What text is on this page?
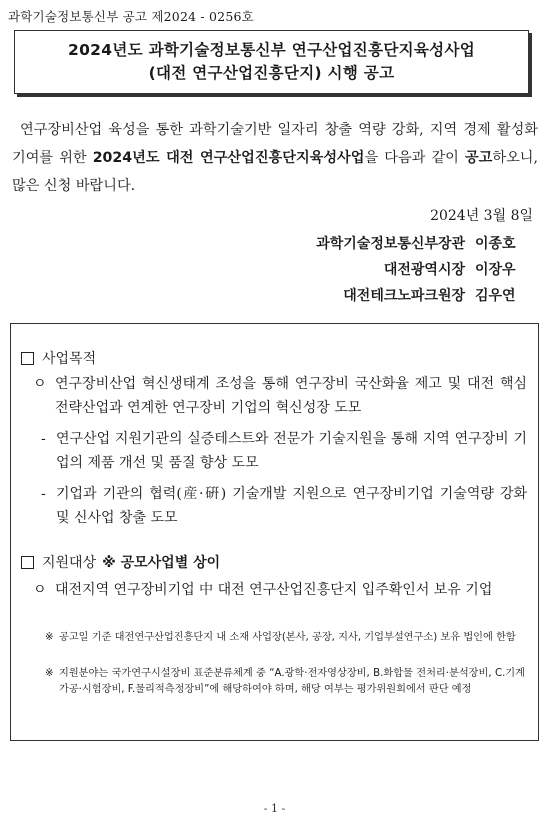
과학기술정보통신부 공고 제2024 - 0256호
2024년도 과학기술정보통신부 연구산업진흥단지육성사업
(대전 연구산업진흥단지) 시행 공고

연구장비산업 육성을 통한 과학기술기반 일자리 창출 역량 강화, 지역 경제 활성화 기여를 위한 2024년도 대전 연구산업진흥단지육성사업을 다음과 같이 공고하오니, 많은 신청 바랍니다.

2024년 3월 8일
과학기술정보통신부장관 이종호
대전광역시장 이장우
대전테크노파크원장 김우연
사업목적
ㅇ 연구장비산업 혁신생태계 조성을 통해 연구장비 국산화율 제고 및 대전 핵심 전략산업과 연계한 연구장비 기업의 혁신성장 도모
- 연구산업 지원기관의 실증테스트와 전문가 기술지원을 통해 지역 연구장비 기업의 제품 개선 및 품질 향상 도모
- 기업과 기관의 협력(産·硏) 기술개발 지원으로 연구장비기업 기술역량 강화 및 신사업 창출 도모
지원대상 ※ 공모사업별 상이
ㅇ 대전지역 연구장비기업 中 대전 연구산업진흥단지 입주확인서 보유 기업
※ 공고일 기준 대전연구산업진흥단지 내 소재 사업장(본사, 공장, 지사, 기업부설연구소) 보유 법인에 한함
※ 지원분야는 국가연구시설장비 표준분류체계 중 “A.광학·전자영상장비, B.화합물 전처리·분석장비, C.기계가공·시험장비, F.물리적측정장비”에 해당하여야 하며, 해당 여부는 평가위원회에서 판단 예정
- 1 -
